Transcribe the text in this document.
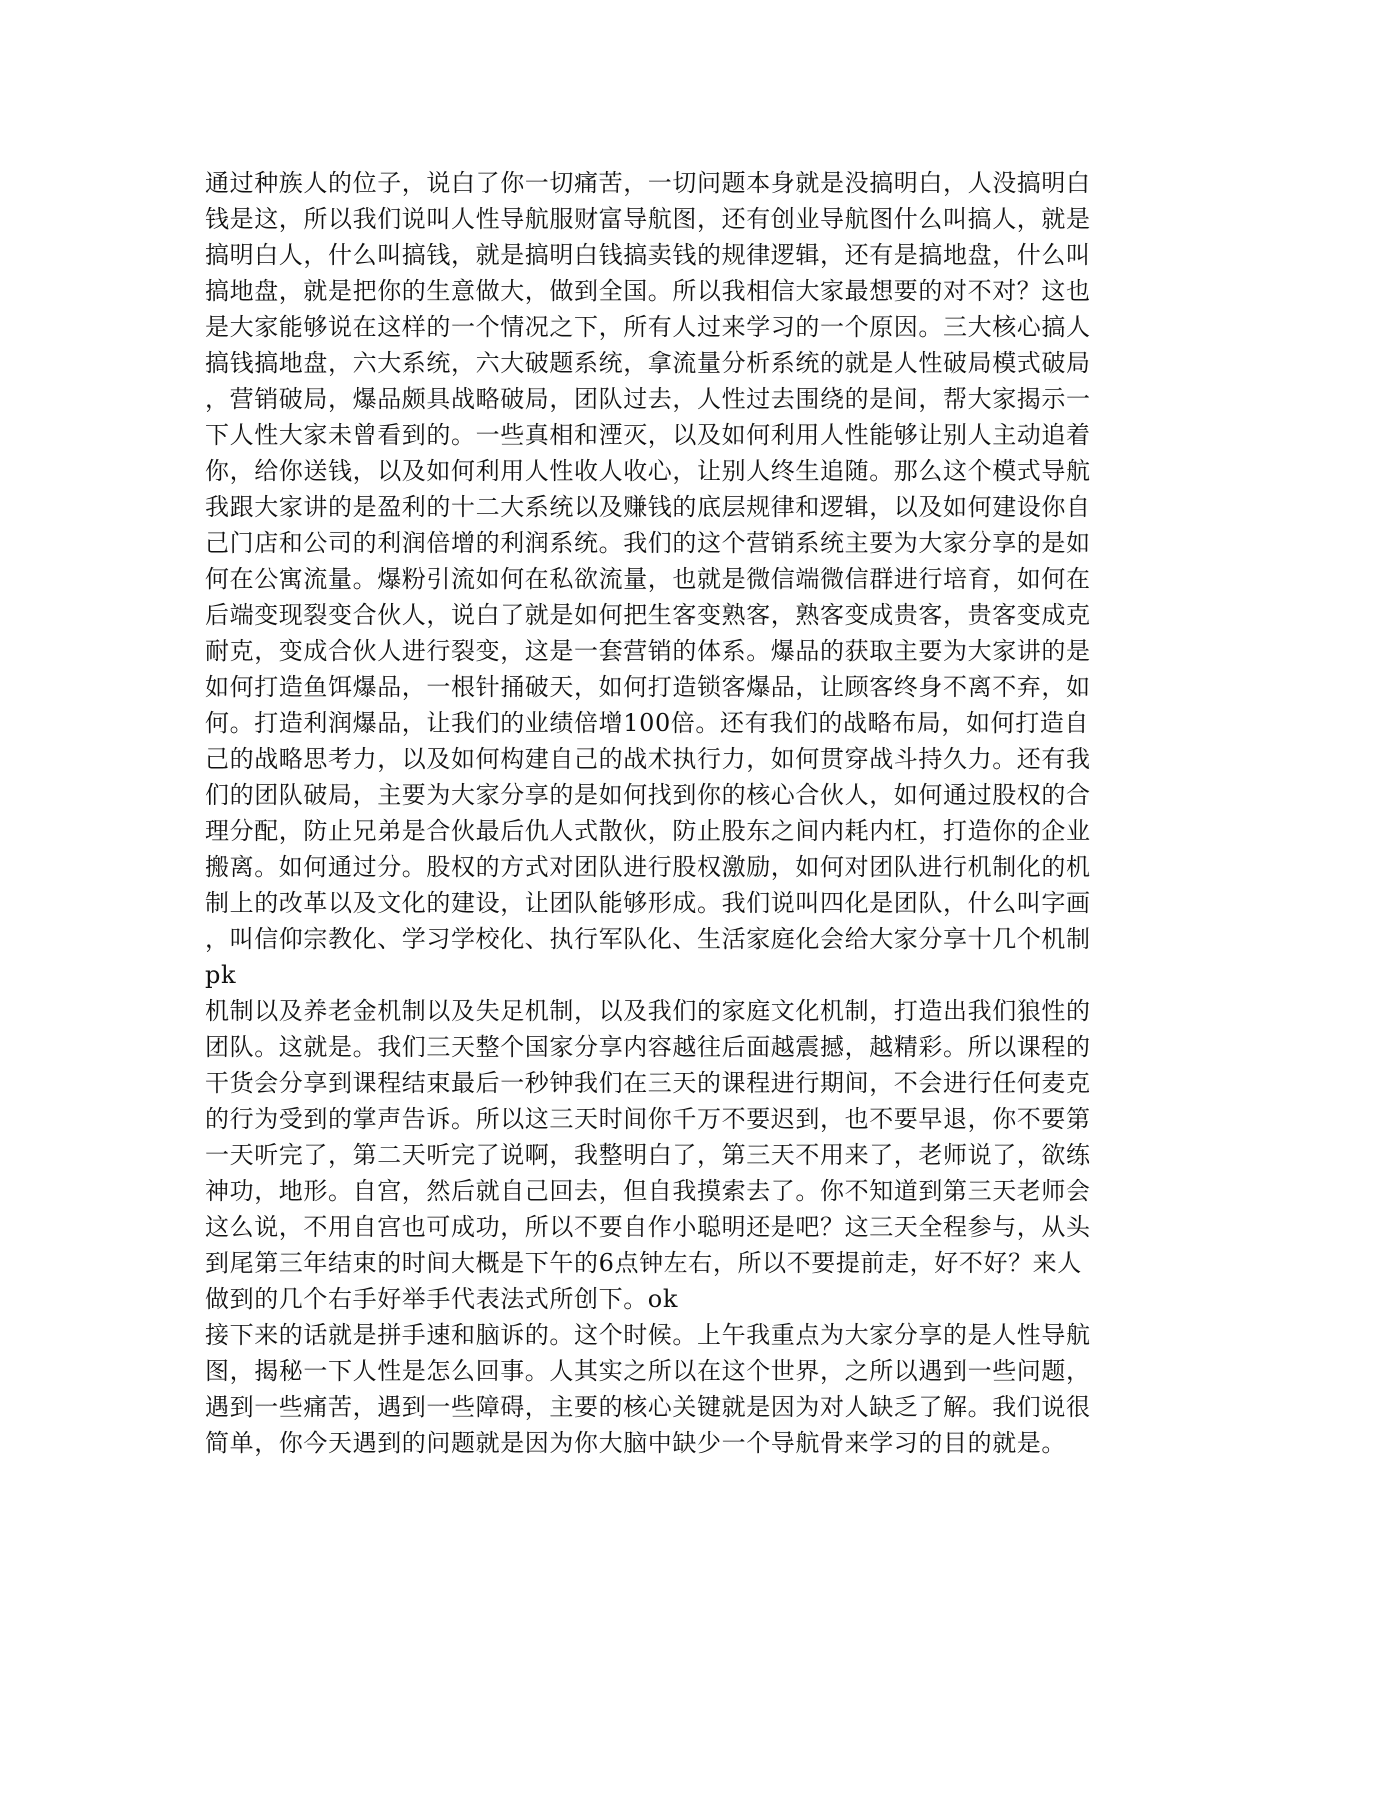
通过种族人的位子，说白了你一切痛苦，一切问题本身就是没搞明白，人没搞明白
钱是这，所以我们说叫人性导航服财富导航图，还有创业导航图什么叫搞人，就是
搞明白人，什么叫搞钱，就是搞明白钱搞卖钱的规律逻辑，还有是搞地盘，什么叫
搞地盘，就是把你的生意做大，做到全国。所以我相信大家最想要的对不对？这也
是大家能够说在这样的一个情况之下，所有人过来学习的一个原因。三大核心搞人
搞钱搞地盘，六大系统，六大破题系统，拿流量分析系统的就是人性破局模式破局
，营销破局，爆品颇具战略破局，团队过去，人性过去围绕的是间，帮大家揭示一
下人性大家未曾看到的。一些真相和湮灭，以及如何利用人性能够让别人主动追着
你，给你送钱，以及如何利用人性收人收心，让别人终生追随。那么这个模式导航
我跟大家讲的是盈利的十二大系统以及赚钱的底层规律和逻辑，以及如何建设你自
己门店和公司的利润倍增的利润系统。我们的这个营销系统主要为大家分享的是如
何在公寓流量。爆粉引流如何在私欲流量，也就是微信端微信群进行培育，如何在
后端变现裂变合伙人，说白了就是如何把生客变熟客，熟客变成贵客，贵客变成克
耐克，变成合伙人进行裂变，这是一套营销的体系。爆品的获取主要为大家讲的是
如何打造鱼饵爆品，一根针捅破天，如何打造锁客爆品，让顾客终身不离不弃，如
何。打造利润爆品，让我们的业绩倍增100倍。还有我们的战略布局，如何打造自
己的战略思考力，以及如何构建自己的战术执行力，如何贯穿战斗持久力。还有我
们的团队破局，主要为大家分享的是如何找到你的核心合伙人，如何通过股权的合
理分配，防止兄弟是合伙最后仇人式散伙，防止股东之间内耗内杠，打造你的企业
搬离。如何通过分。股权的方式对团队进行股权激励，如何对团队进行机制化的机
制上的改革以及文化的建设，让团队能够形成。我们说叫四化是团队，什么叫字画
，叫信仰宗教化、学习学校化、执行军队化、生活家庭化会给大家分享十几个机制
pk
机制以及养老金机制以及失足机制，以及我们的家庭文化机制，打造出我们狼性的
团队。这就是。我们三天整个国家分享内容越往后面越震撼，越精彩。所以课程的
干货会分享到课程结束最后一秒钟我们在三天的课程进行期间，不会进行任何麦克
的行为受到的掌声告诉。所以这三天时间你千万不要迟到，也不要早退，你不要第
一天听完了，第二天听完了说啊，我整明白了，第三天不用来了，老师说了，欲练
神功，地形。自宫，然后就自己回去，但自我摸索去了。你不知道到第三天老师会
这么说，不用自宫也可成功，所以不要自作小聪明还是吧？这三天全程参与，从头
到尾第三年结束的时间大概是下午的6点钟左右，所以不要提前走，好不好？来人
做到的几个右手好举手代表法式所创下。ok
接下来的话就是拼手速和脑诉的。这个时候。上午我重点为大家分享的是人性导航
图，揭秘一下人性是怎么回事。人其实之所以在这个世界，之所以遇到一些问题，
遇到一些痛苦，遇到一些障碍，主要的核心关键就是因为对人缺乏了解。我们说很
简单，你今天遇到的问题就是因为你大脑中缺少一个导航骨来学习的目的就是。
